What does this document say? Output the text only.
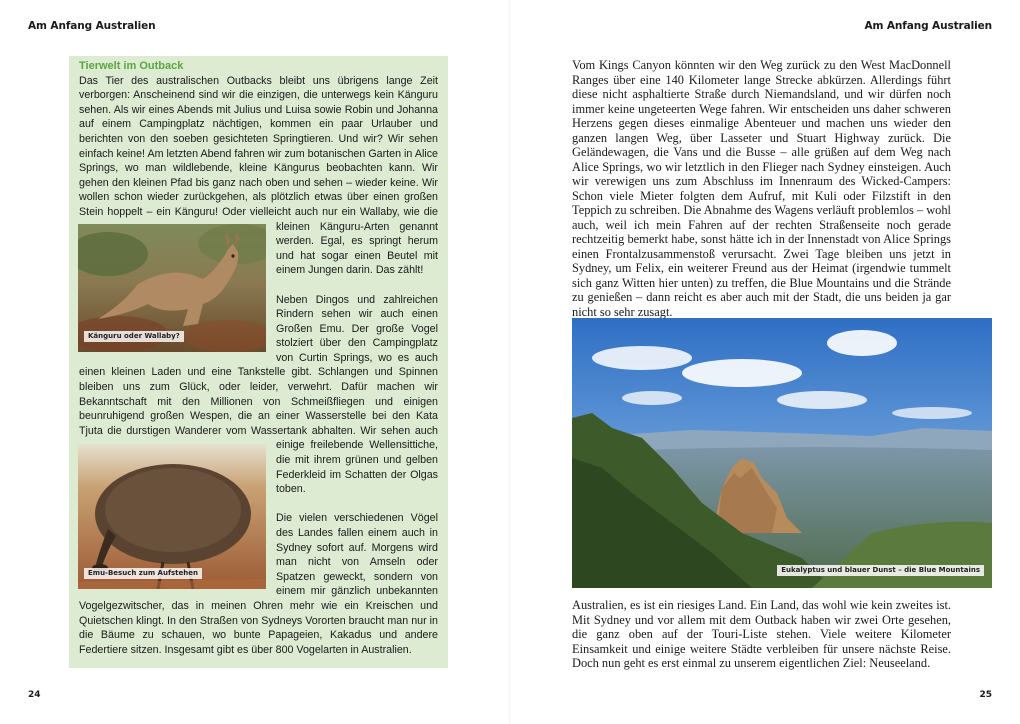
Am Anfang Australien	Am Anfang Australien
Tierwelt im Outback

Das Tier des australischen Outbacks bleibt uns übrigens lange Zeit verborgen: Anscheinend sind wir die einzigen, die unterwegs kein Känguru sehen. Als wir eines Abends mit Julius und Luisa sowie Robin und Johanna auf einem Campingplatz nächtigen, kommen ein paar Urlauber und berichten von den soeben gesichteten Springtieren. Und wir? Wir sehen einfach keine! Am letzten Abend fahren wir zum botanischen Garten in Alice Springs, wo man wildlebende, kleine Kängurus beobachten kann. Wir gehen den kleinen Pfad bis ganz nach oben und sehen – wieder keine. Wir wollen schon wieder zurückgehen, als plötzlich etwas über einen großen Stein hoppelt – ein Känguru! Oder vielleicht auch nur ein Wallaby, wie die
Känguru oder Wallaby?
kleinen Känguru-Arten genannt werden. Egal, es springt herum und hat sogar einen Beutel mit einem Jungen darin. Das zählt!

Neben Dingos und zahlreichen Rindern sehen wir auch einen Großen Emu. Der große Vogel stolziert über den Campingplatz von Curtin Springs, wo es auch einen kleinen Laden und eine Tankstelle gibt. Schlangen und Spinnen bleiben uns zum Glück, oder leider, verwehrt. Dafür machen wir Bekanntschaft mit den Millionen von Schmeißfliegen und einigen beunruhigend großen Wespen, die an einer Wasserstelle bei den Kata Tjuta die durstigen Wanderer vom Wassertank
Emu-Besuch zum Aufstehen
abhalten. Wir sehen auch einige freilebende Wellensittiche, die mit ihrem grünen und gelben Federkleid im Schatten der Olgas toben.

Die vielen verschiedenen Vögel des Landes fallen einem auch in Sydney sofort auf. Morgens wird man nicht von Amseln oder Spatzen geweckt, sondern von einem mir gänzlich unbekannten Vogelgezwitscher, das in meinen Ohren mehr wie ein Kreischen und Quietschen klingt. In den Straßen von Sydneys Vororten braucht man nur in die Bäume zu schauen, wo bunte Papageien, Kakadus und andere Federtiere sitzen. Insgesamt gibt es über 800 Vogelarten in Australien.

Vom Kings Canyon könnten wir den Weg zurück zu den West MacDonnell Ranges über eine 140 Kilometer lange Strecke abkürzen. Allerdings führt diese nicht asphaltierte Straße durch Niemandsland, und wir dürfen noch immer keine ungeteerten Wege fahren. Wir entscheiden uns daher schweren Herzens gegen dieses einmalige Abenteuer und machen uns wieder den ganzen langen Weg, über Lasseter und Stuart Highway zurück. Die Geländewagen, die Vans und die Busse – alle grüßen auf dem Weg nach Alice Springs, wo wir letztlich in den Flieger nach Sydney einsteigen. Auch wir verewigen uns zum Abschluss im Innenraum des Wicked-Campers: Schon viele Mieter folgten dem Aufruf, mit Kuli oder Filzstift in den Teppich zu schreiben. Die Abnahme des Wagens verläuft problemlos – wohl auch, weil ich mein Fahren auf der rechten Straßenseite noch gerade rechtzeitig bemerkt habe, sonst hätte ich in der Innenstadt von Alice Springs einen Frontalzusammenstoß verursacht. Zwei Tage bleiben uns jetzt in Sydney, um Felix, ein weiterer Freund aus der Heimat (irgendwie tummelt sich ganz Witten hier unten) zu treffen, die Blue Mountains und die Strände zu genießen – dann reicht es aber auch mit der Stadt, die uns beiden ja gar nicht so sehr zusagt.

Eukalyptus und blauer Dunst – die Blue Mountains

Australien, es ist ein riesiges Land. Ein Land, das wohl wie kein zweites ist. Mit Sydney und vor allem mit dem Outback haben wir zwei Orte gesehen, die ganz oben auf der Touri-Liste stehen. Viele weitere Kilometer Einsamkeit und einige weitere Städte verbleiben für unsere nächste Reise. Doch nun geht es erst einmal zu unserem eigentlichen Ziel: Neuseeland.

24	25
